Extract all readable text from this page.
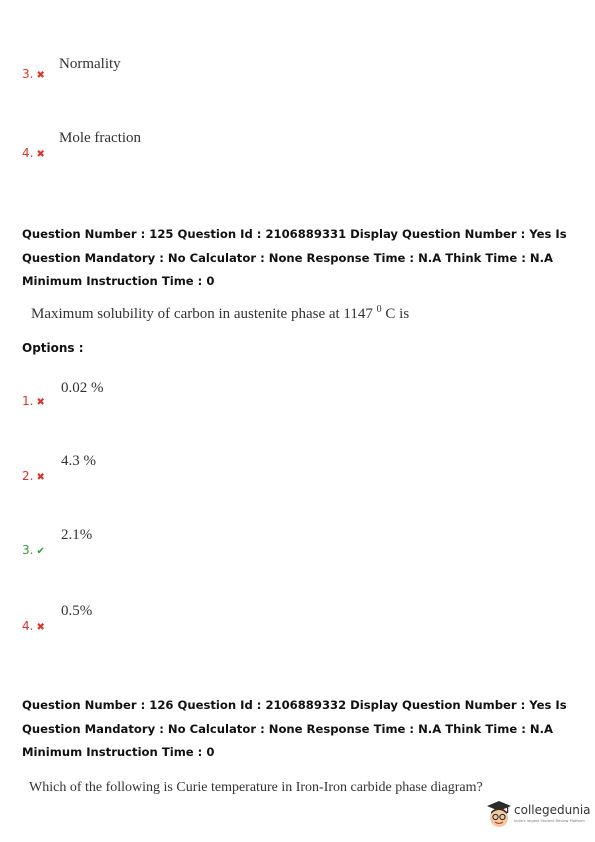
3. ✖
Normality
4. ✖
Mole fraction
Question Number : 125 Question Id : 2106889331 Display Question Number : Yes Is Question Mandatory : No Calculator : None Response Time : N.A Think Time : N.A Minimum Instruction Time : 0
Maximum solubility of carbon in austenite phase at 1147 $^0$ C is
Options :
1. ✖
0.02 %
2. ✖
4.3 %
3. ✔
2.1%
4. ✖
0.5%
Question Number : 126 Question Id : 2106889332 Display Question Number : Yes Is Question Mandatory : No Calculator : None Response Time : N.A Think Time : N.A Minimum Instruction Time : 0
Which of the following is Curie temperature in Iron-Iron carbide phase diagram?
collegedunia
India's largest Student Review Platform
